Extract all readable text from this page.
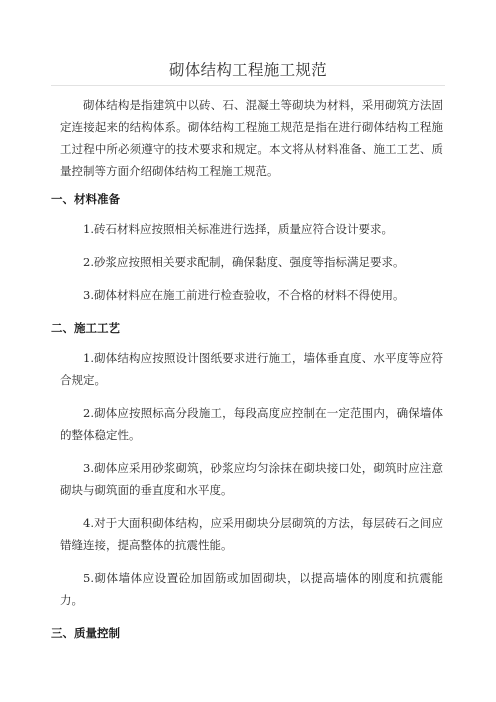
砌体结构工程施工规范

砌体结构是指建筑中以砖、石、混凝土等砌块为材料，采用砌筑方法固定连接起来的结构体系。砌体结构工程施工规范是指在进行砌体结构工程施工过程中所必须遵守的技术要求和规定。本文将从材料准备、施工工艺、质量控制等方面介绍砌体结构工程施工规范。

一、材料准备

1.砖石材料应按照相关标准进行选择，质量应符合设计要求。

2.砂浆应按照相关要求配制，确保黏度、强度等指标满足要求。

3.砌体材料应在施工前进行检查验收，不合格的材料不得使用。

二、施工工艺

1.砌体结构应按照设计图纸要求进行施工，墙体垂直度、水平度等应符合规定。

2.砌体应按照标高分段施工，每段高度应控制在一定范围内，确保墙体的整体稳定性。

3.砌体应采用砂浆砌筑，砂浆应均匀涂抹在砌块接口处，砌筑时应注意砌块与砌筑面的垂直度和水平度。

4.对于大面积砌体结构，应采用砌块分层砌筑的方法，每层砖石之间应错缝连接，提高整体的抗震性能。

5.砌体墙体应设置砼加固筋或加固砌块，以提高墙体的刚度和抗震能力。

三、质量控制
